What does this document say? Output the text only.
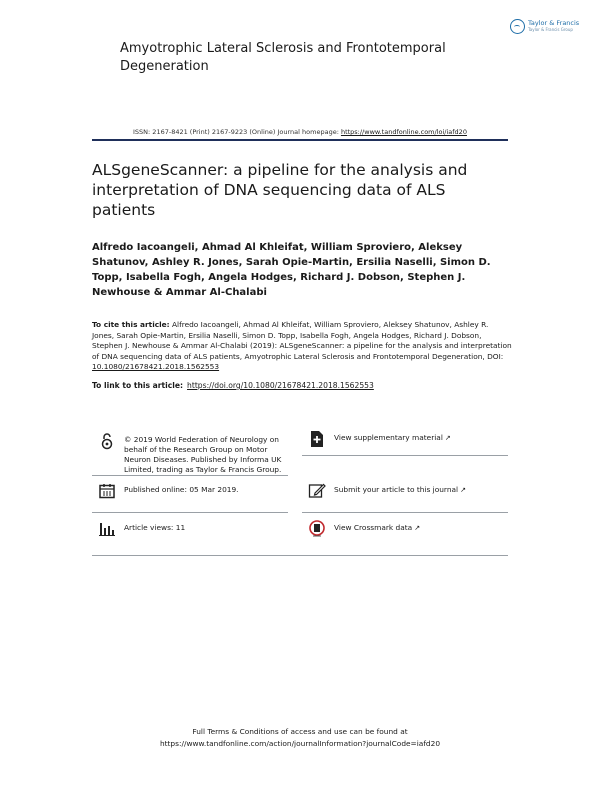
Taylor & Francis
Taylor & Francis Group
Amyotrophic Lateral Sclerosis and Frontotemporal Degeneration
ISSN: 2167-8421 (Print) 2167-9223 (Online) Journal homepage: https://www.tandfonline.com/loi/iafd20
ALSgeneScanner: a pipeline for the analysis and interpretation of DNA sequencing data of ALS patients
Alfredo Iacoangeli, Ahmad Al Khleifat, William Sproviero, Aleksey Shatunov, Ashley R. Jones, Sarah Opie-Martin, Ersilia Naselli, Simon D. Topp, Isabella Fogh, Angela Hodges, Richard J. Dobson, Stephen J. Newhouse & Ammar Al-Chalabi
To cite this article: Alfredo Iacoangeli, Ahmad Al Khleifat, William Sproviero, Aleksey Shatunov, Ashley R. Jones, Sarah Opie-Martin, Ersilia Naselli, Simon D. Topp, Isabella Fogh, Angela Hodges, Richard J. Dobson, Stephen J. Newhouse & Ammar Al-Chalabi (2019): ALSgeneScanner: a pipeline for the analysis and interpretation of DNA sequencing data of ALS patients, Amyotrophic Lateral Sclerosis and Frontotemporal Degeneration, DOI: 10.1080/21678421.2018.1562553
To link to this article: https://doi.org/10.1080/21678421.2018.1562553
© 2019 World Federation of Neurology on behalf of the Research Group on Motor Neuron Diseases. Published by Informa UK Limited, trading as Taylor & Francis Group.
Published online: 05 Mar 2019.
Article views: 11
View supplementary material ↗
Submit your article to this journal ↗
View Crossmark data ↗
Full Terms & Conditions of access and use can be found at
https://www.tandfonline.com/action/journalInformation?journalCode=iafd20
